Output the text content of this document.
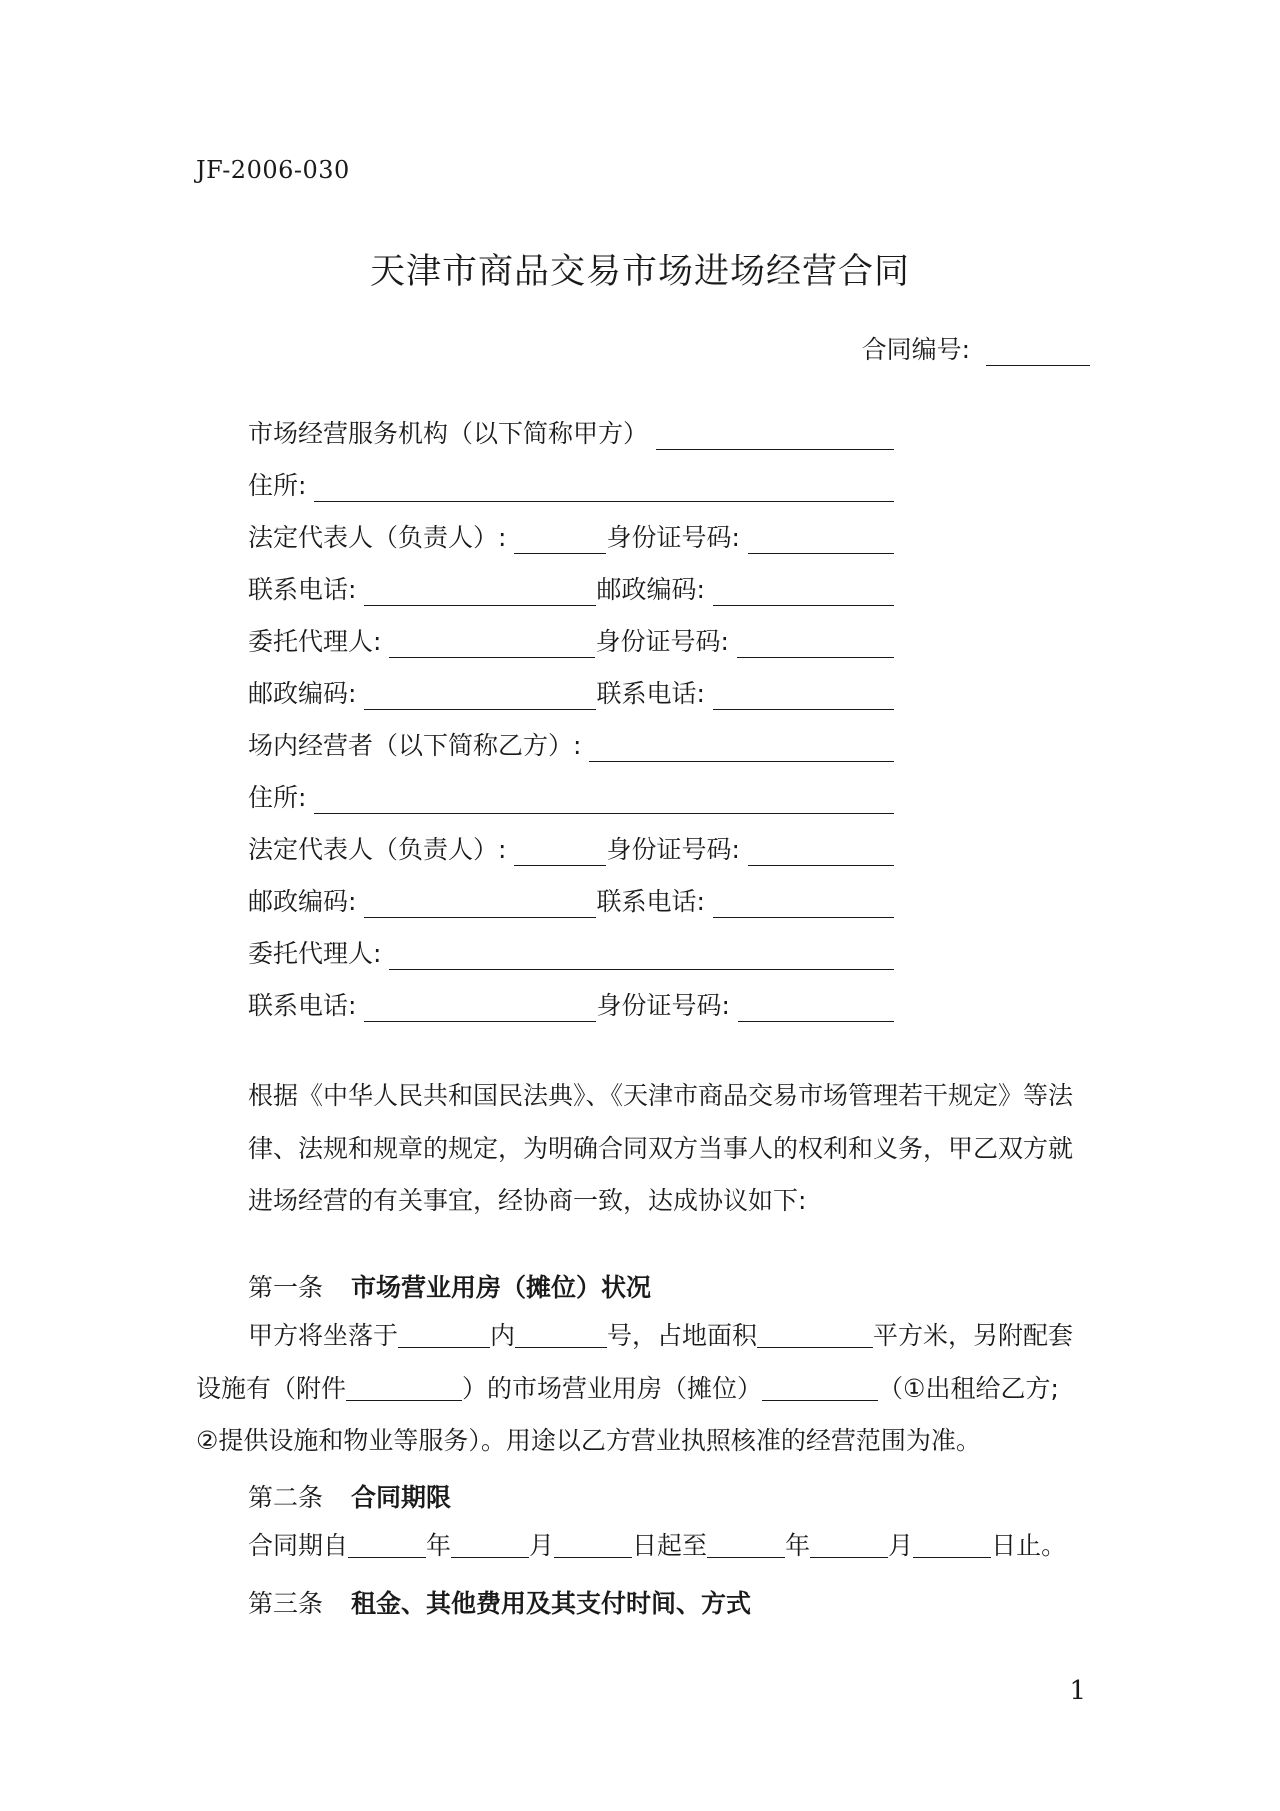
JF-2006-030
天津市商品交易市场进场经营合同
合同编号:
市场经营服务机构（以下简称甲方）
住所:
法定代表人（负责人）:	身份证号码:
联系电话:	邮政编码:
委托代理人:	身份证号码:
邮政编码:	联系电话:
场内经营者（以下简称乙方）:
住所:
法定代表人（负责人）:	身份证号码:
邮政编码:	联系电话:
委托代理人:
联系电话:	身份证号码:

根据《中华人民共和国民法典》、《天津市商品交易市场管理若干规定》等法律、法规和规章的规定，为明确合同双方当事人的权利和义务，甲乙双方就进场经营的有关事宜，经协商一致，达成协议如下:

第一条 市场营业用房（摊位）状况

甲方将坐落于	内	号，占地面积	平方米，另附配套

设施有（附件	）的市场营业用房（摊位）	（①出租给乙方;

②提供设施和物业等服务）。用途以乙方营业执照核准的经营范围为准。

第二条 合同期限

合同期自	年	月	日起至	年	月	日止。

第三条 租金、其他费用及其支付时间、方式
1
